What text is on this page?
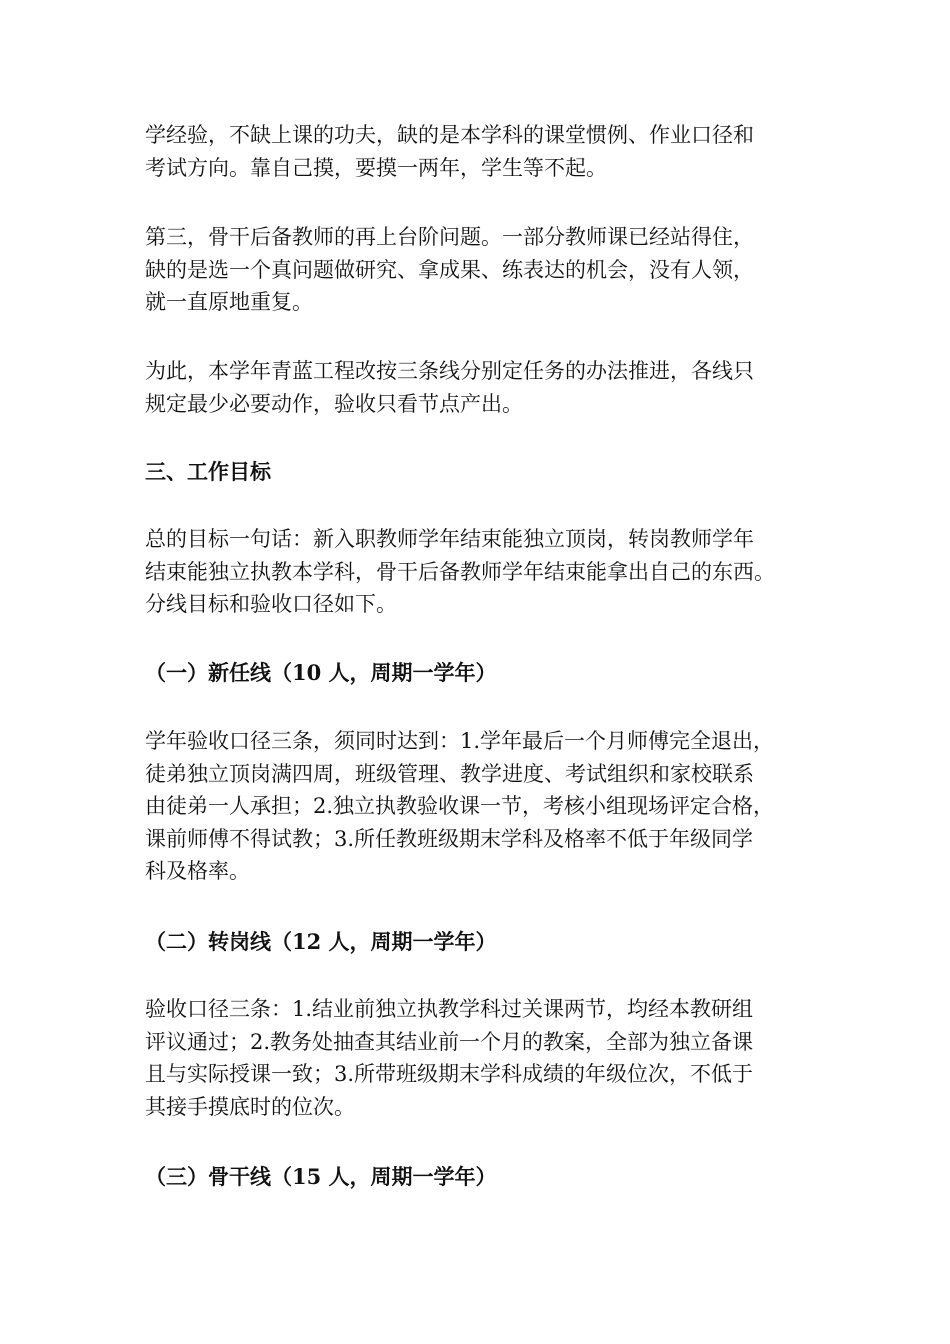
学经验，不缺上课的功夫，缺的是本学科的课堂惯例、作业口径和
考试方向。靠自己摸，要摸一两年，学生等不起。
第三，骨干后备教师的再上台阶问题。一部分教师课已经站得住，
缺的是选一个真问题做研究、拿成果、练表达的机会，没有人领，
就一直原地重复。
为此，本学年青蓝工程改按三条线分别定任务的办法推进，各线只
规定最少必要动作，验收只看节点产出。
三、工作目标
总的目标一句话：新入职教师学年结束能独立顶岗，转岗教师学年
结束能独立执教本学科，骨干后备教师学年结束能拿出自己的东西。
分线目标和验收口径如下。
（一）新任线（10 人，周期一学年）
学年验收口径三条，须同时达到：1.学年最后一个月师傅完全退出，
徒弟独立顶岗满四周，班级管理、教学进度、考试组织和家校联系
由徒弟一人承担；2.独立执教验收课一节，考核小组现场评定合格，
课前师傅不得试教；3.所任教班级期末学科及格率不低于年级同学
科及格率。
（二）转岗线（12 人，周期一学年）
验收口径三条：1.结业前独立执教学科过关课两节，均经本教研组
评议通过；2.教务处抽查其结业前一个月的教案，全部为独立备课
且与实际授课一致；3.所带班级期末学科成绩的年级位次，不低于
其接手摸底时的位次。
（三）骨干线（15 人，周期一学年）
